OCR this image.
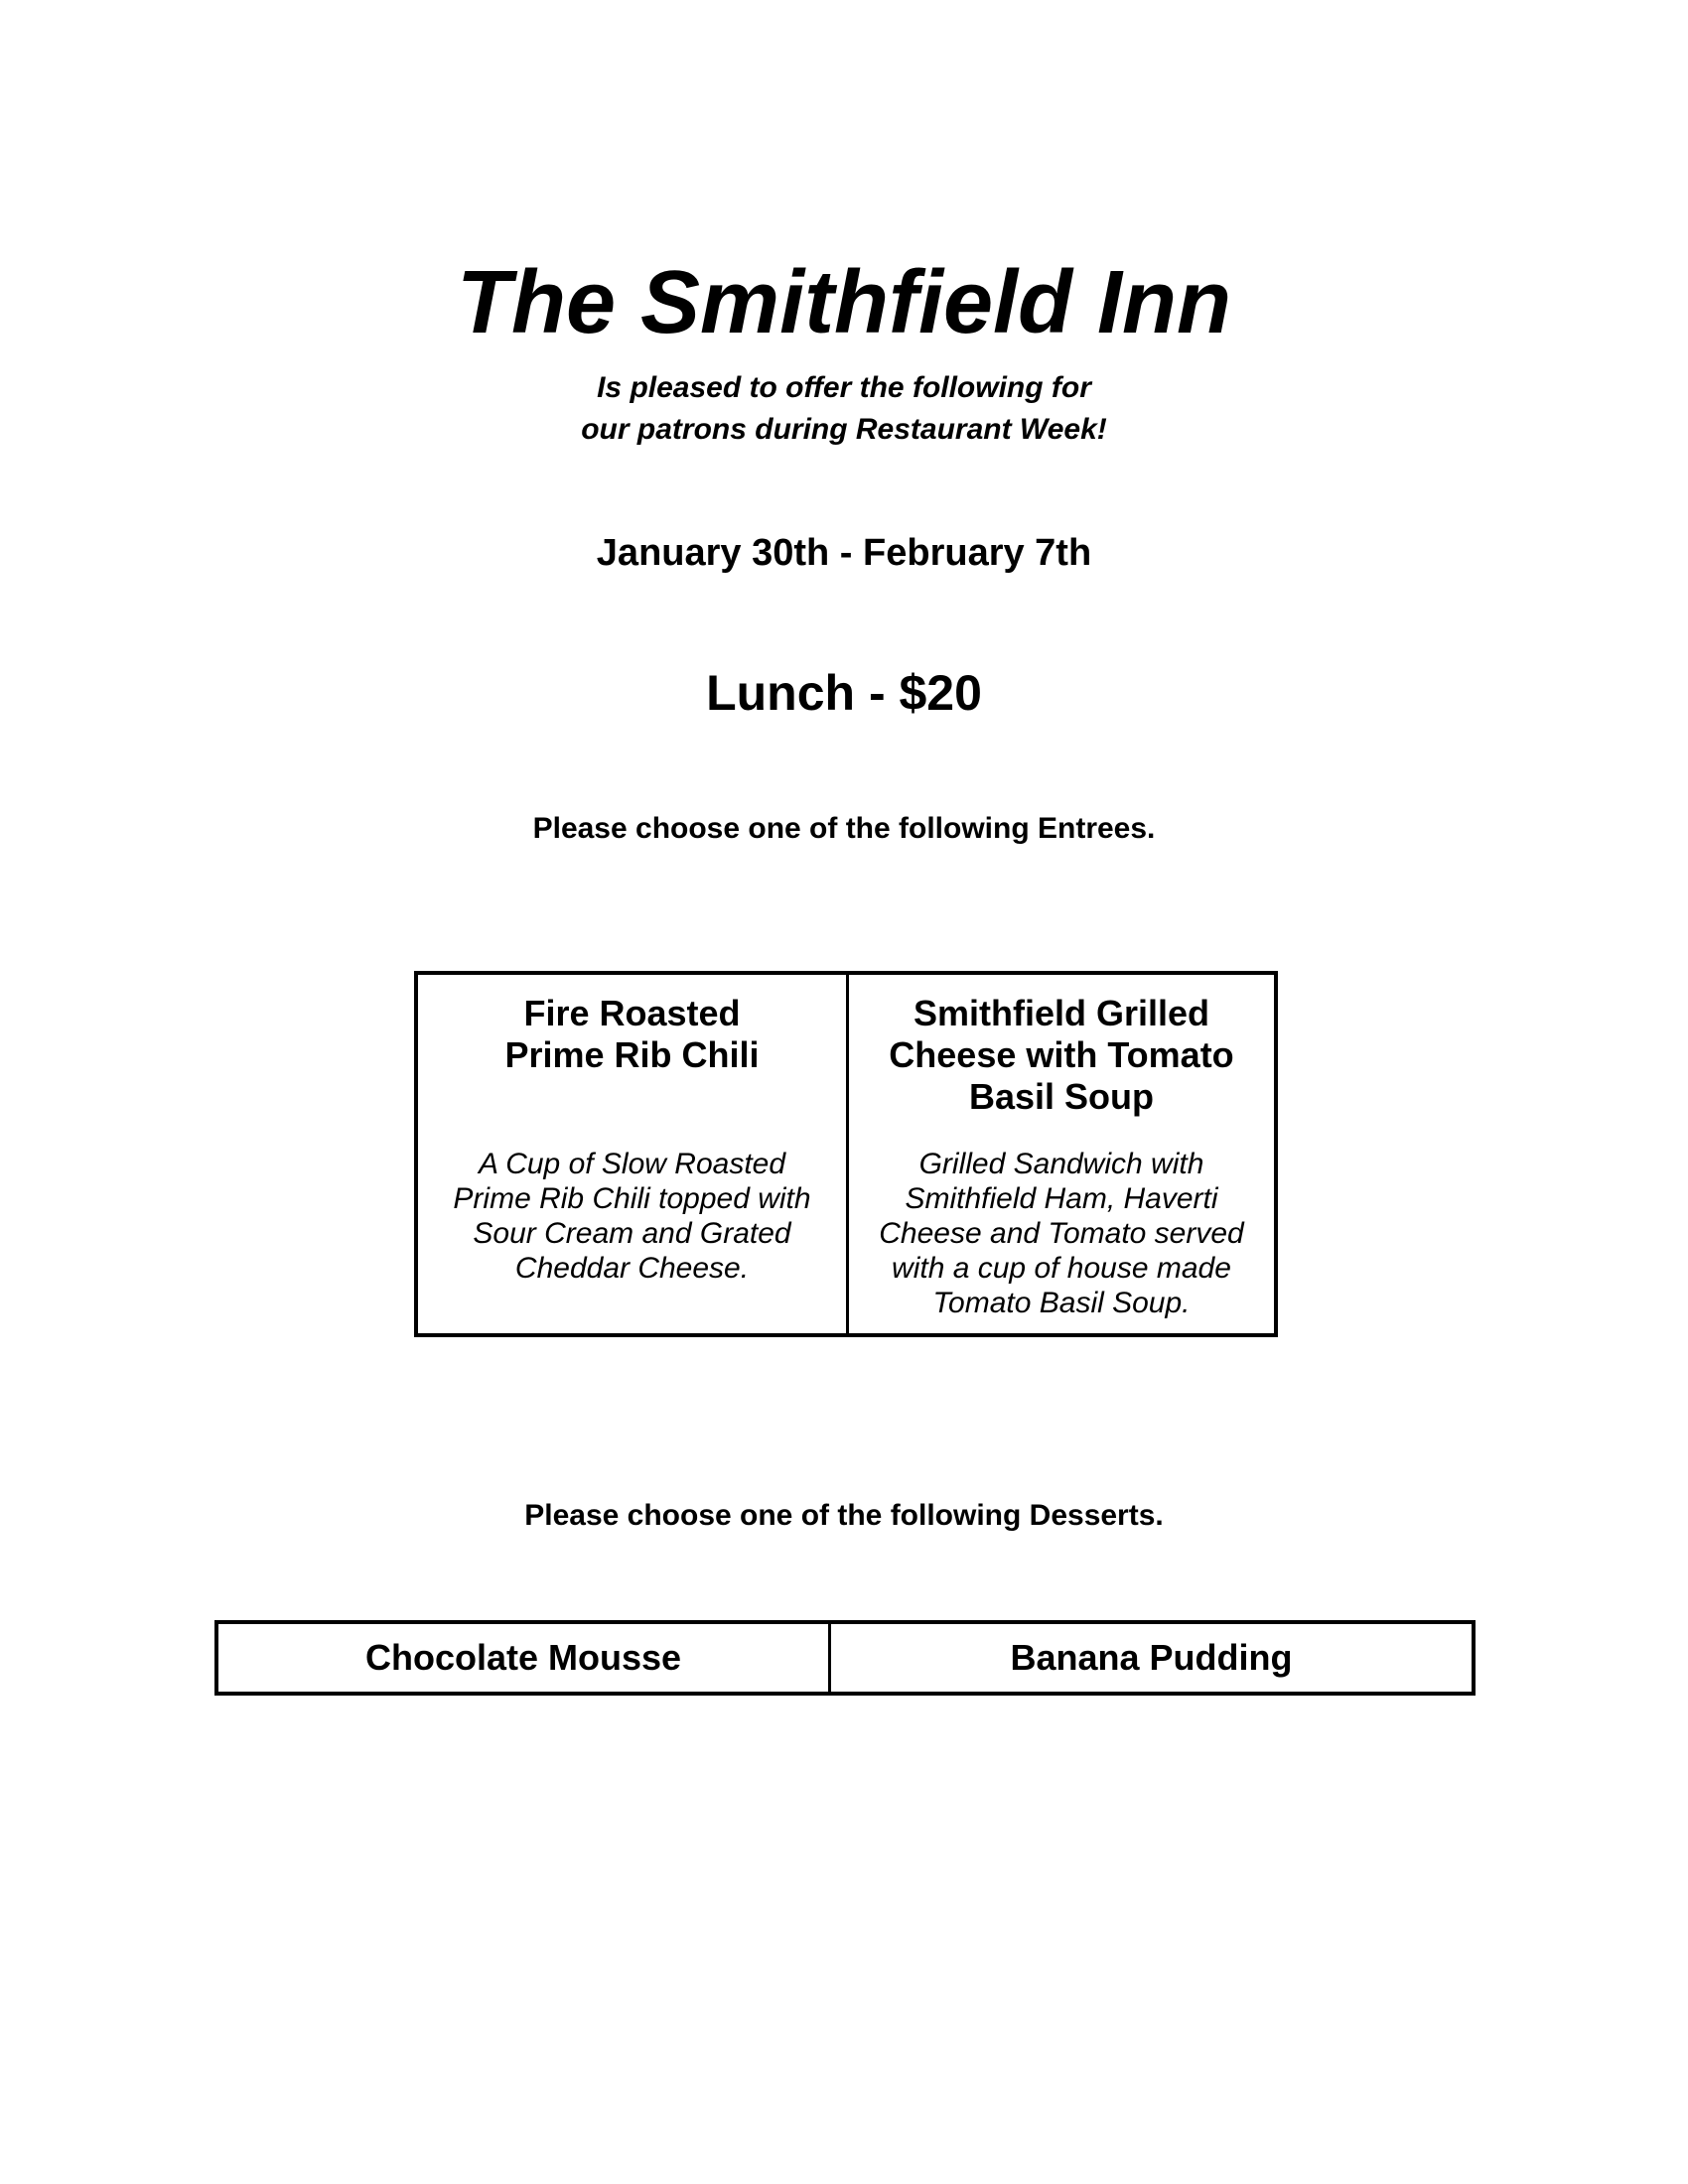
The Smithfield Inn
Is pleased to offer the following for
our patrons during Restaurant Week!
January 30th - February 7th
Lunch - $20
Please choose one of the following Entrees.
Fire Roasted Prime Rib Chili
A Cup of Slow Roasted Prime Rib Chili topped with Sour Cream and Grated Cheddar Cheese.
Smithfield Grilled Cheese with Tomato Basil Soup
Grilled Sandwich with Smithfield Ham, Haverti Cheese and Tomato served with a cup of house made Tomato Basil Soup.
Please choose one of the following Desserts.
Chocolate Mousse	Banana Pudding
